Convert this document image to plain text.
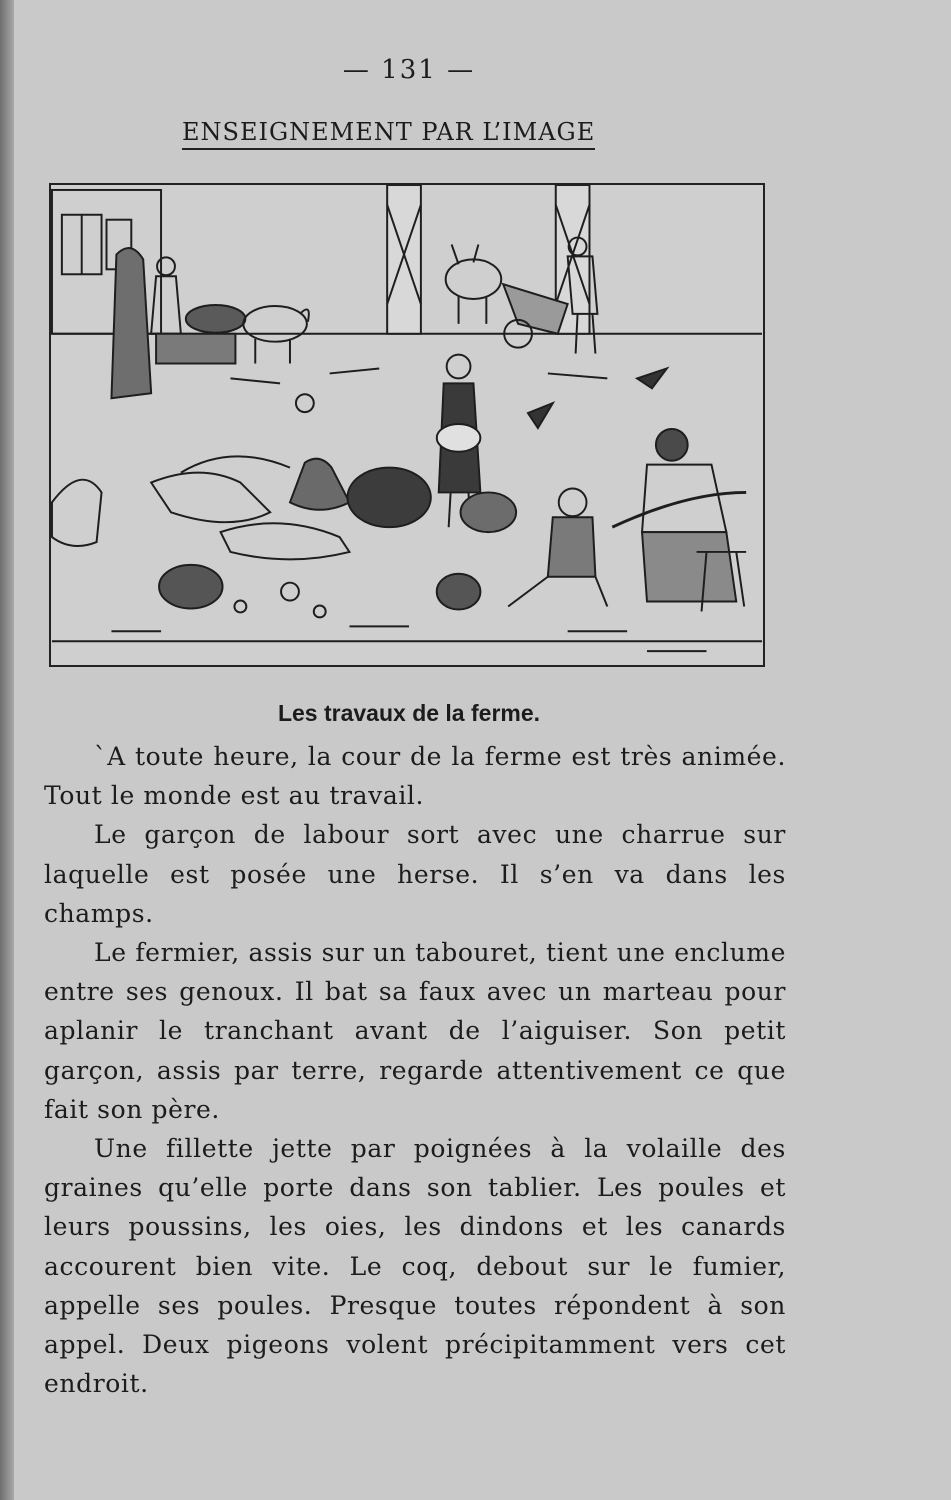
— 131 —
ENSEIGNEMENT PAR L’IMAGE
Les travaux de la ferme.

`A toute heure, la cour de la ferme est très animée. Tout le monde est au travail.

Le garçon de labour sort avec une charrue sur laquelle est posée une herse. Il s’en va dans les champs.

Le fermier, assis sur un tabouret, tient une enclume entre ses genoux. Il bat sa faux avec un marteau pour aplanir le tranchant avant de l’aiguiser. Son petit garçon, assis par terre, regarde attentivement ce que fait son père.

Une fillette jette par poignées à la volaille des graines qu’elle porte dans son tablier. Les poules et leurs poussins, les oies, les dindons et les canards accourent bien vite. Le coq, debout sur le fumier, appelle ses poules. Presque toutes répondent à son appel. Deux pigeons volent précipitamment vers cet endroit.
